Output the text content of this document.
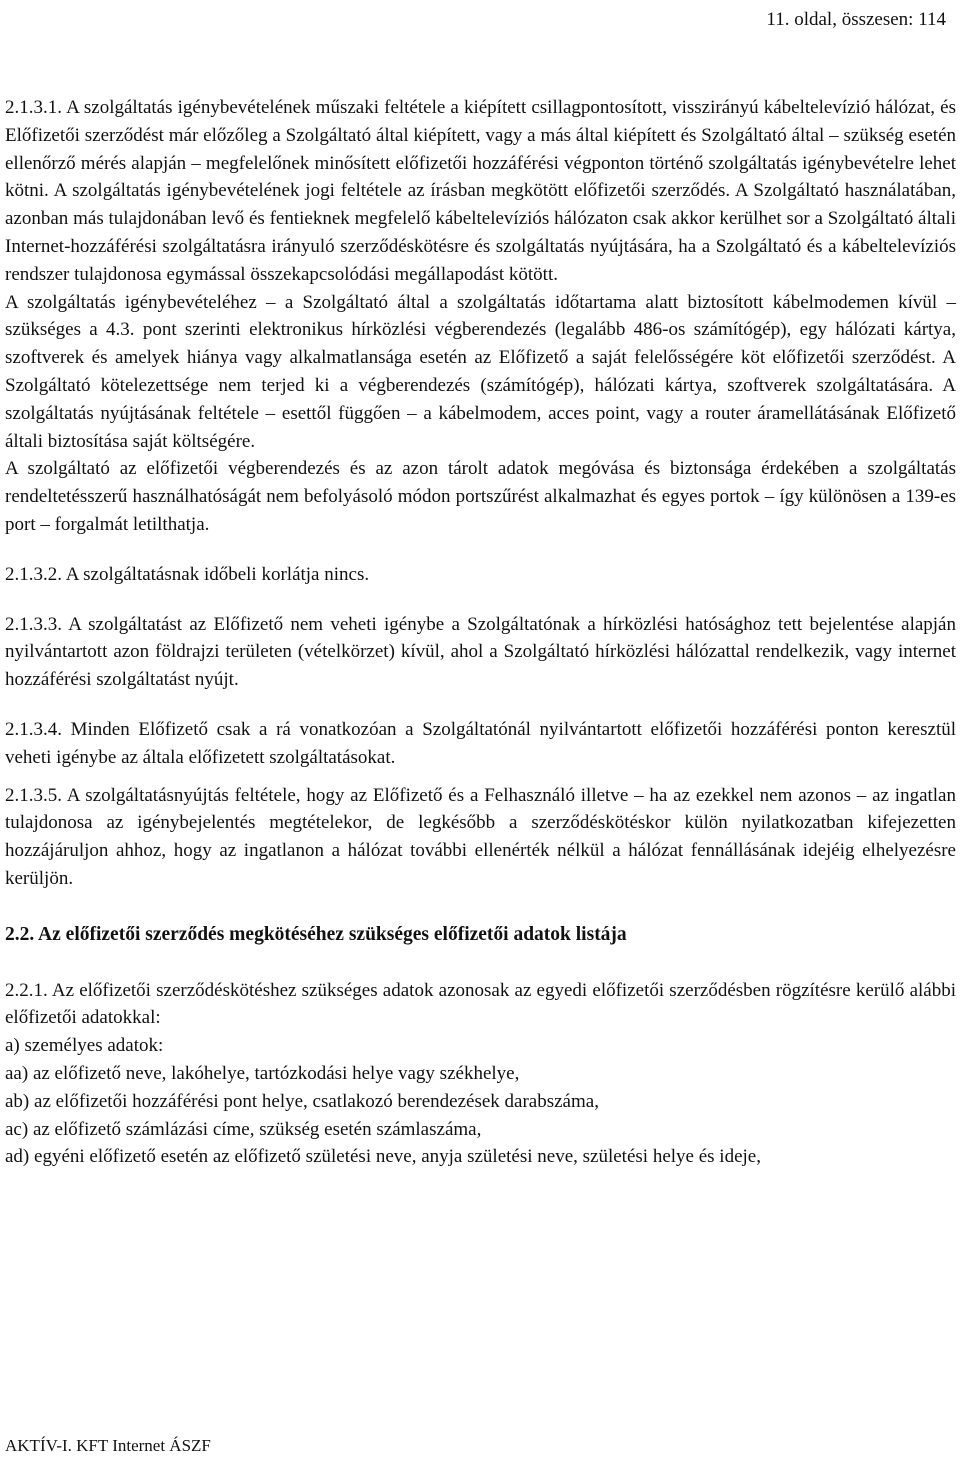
11. oldal, összesen: 114

2.1.3.1. A szolgáltatás igénybevételének műszaki feltétele a kiépített csillagpontosított, visszirányú kábeltelevízió hálózat, és Előfizetői szerződést már előzőleg a Szolgáltató által kiépített, vagy a más által kiépített és Szolgáltató által – szükség esetén ellenőrző mérés alapján – megfelelőnek minősített előfizetői hozzáférési végponton történő szolgáltatás igénybevételre lehet kötni. A szolgáltatás igénybevételének jogi feltétele az írásban megkötött előfizetői szerződés. A Szolgáltató használatában, azonban más tulajdonában levő és fentieknek megfelelő kábeltelevíziós hálózaton csak akkor kerülhet sor a Szolgáltató általi Internet-hozzáférési szolgáltatásra irányuló szerződéskötésre és szolgáltatás nyújtására, ha a Szolgáltató és a kábeltelevíziós rendszer tulajdonosa egymással összekapcsolódási megállapodást kötött.

A szolgáltatás igénybevételéhez – a Szolgáltató által a szolgáltatás időtartama alatt biztosított kábelmodemen kívül – szükséges a 4.3. pont szerinti elektronikus hírközlési végberendezés (legalább 486-os számítógép), egy hálózati kártya, szoftverek és amelyek hiánya vagy alkalmatlansága esetén az Előfizető a saját felelősségére köt előfizetői szerződést. A Szolgáltató kötelezettsége nem terjed ki a végberendezés (számítógép), hálózati kártya, szoftverek szolgáltatására. A szolgáltatás nyújtásának feltétele – esettől függően – a kábelmodem, acces point, vagy a router áramellátásának Előfizető általi biztosítása saját költségére.

A szolgáltató az előfizetői végberendezés és az azon tárolt adatok megóvása és biztonsága érdekében a szolgáltatás rendeltetésszerű használhatóságát nem befolyásoló módon portszűrést alkalmazhat és egyes portok – így különösen a 139-es port – forgalmát letilthatja.

2.1.3.2. A szolgáltatásnak időbeli korlátja nincs.

2.1.3.3. A szolgáltatást az Előfizető nem veheti igénybe a Szolgáltatónak a hírközlési hatósághoz tett bejelentése alapján nyilvántartott azon földrajzi területen (vételkörzet) kívül, ahol a Szolgáltató hírközlési hálózattal rendelkezik, vagy internet hozzáférési szolgáltatást nyújt.

2.1.3.4. Minden Előfizető csak a rá vonatkozóan a Szolgáltatónál nyilvántartott előfizetői hozzáférési ponton keresztül veheti igénybe az általa előfizetett szolgáltatásokat.

2.1.3.5. A szolgáltatásnyújtás feltétele, hogy az Előfizető és a Felhasználó illetve – ha az ezekkel nem azonos – az ingatlan tulajdonosa az igénybejelentés megtételekor, de legkésőbb a szerződéskötéskor külön nyilatkozatban kifejezetten hozzájáruljon ahhoz, hogy az ingatlanon a hálózat további ellenérték nélkül a hálózat fennállásának idejéig elhelyezésre kerüljön.

2.2. Az előfizetői szerződés megkötéséhez szükséges előfizetői adatok listája

2.2.1. Az előfizetői szerződéskötéshez szükséges adatok azonosak az egyedi előfizetői szerződésben rögzítésre kerülő alábbi előfizetői adatokkal:

a) személyes adatok:

aa) az előfizető neve, lakóhelye, tartózkodási helye vagy székhelye,

ab) az előfizetői hozzáférési pont helye, csatlakozó berendezések darabszáma,

ac) az előfizető számlázási címe, szükség esetén számlaszáma,

ad) egyéni előfizető esetén az előfizető születési neve, anyja születési neve, születési helye és ideje,

AKTÍV-I. KFT Internet ÁSZF
